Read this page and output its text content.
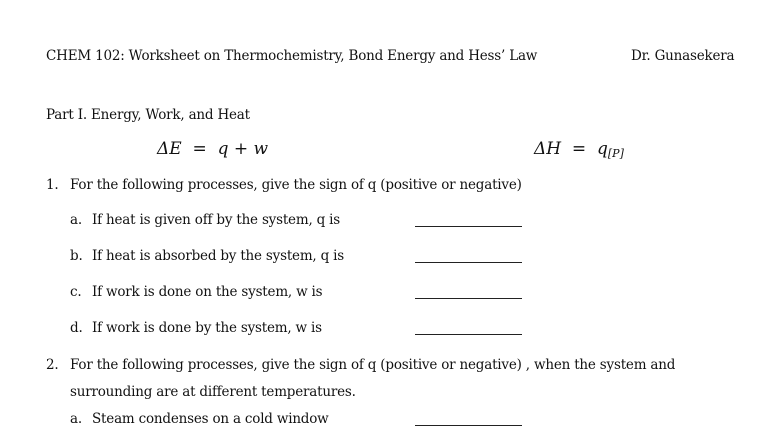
CHEM 102: Worksheet on Thermochemistry, Bond Energy and Hess’ Law	Dr. Gunasekera
Part I. Energy, Work, and Heat
ΔE  =  q + w	$\Delta H = q_{[P]}$
1. For the following processes, give the sign of q (positive or negative)
a. If heat is given off by the system, q is
b. If heat is absorbed by the system, q is
c. If work is done on the system, w is
d. If work is done by the system, w is
2. For the following processes, give the sign of q (positive or negative) , when the system and
surrounding are at different temperatures.
a. Steam condenses on a cold window
